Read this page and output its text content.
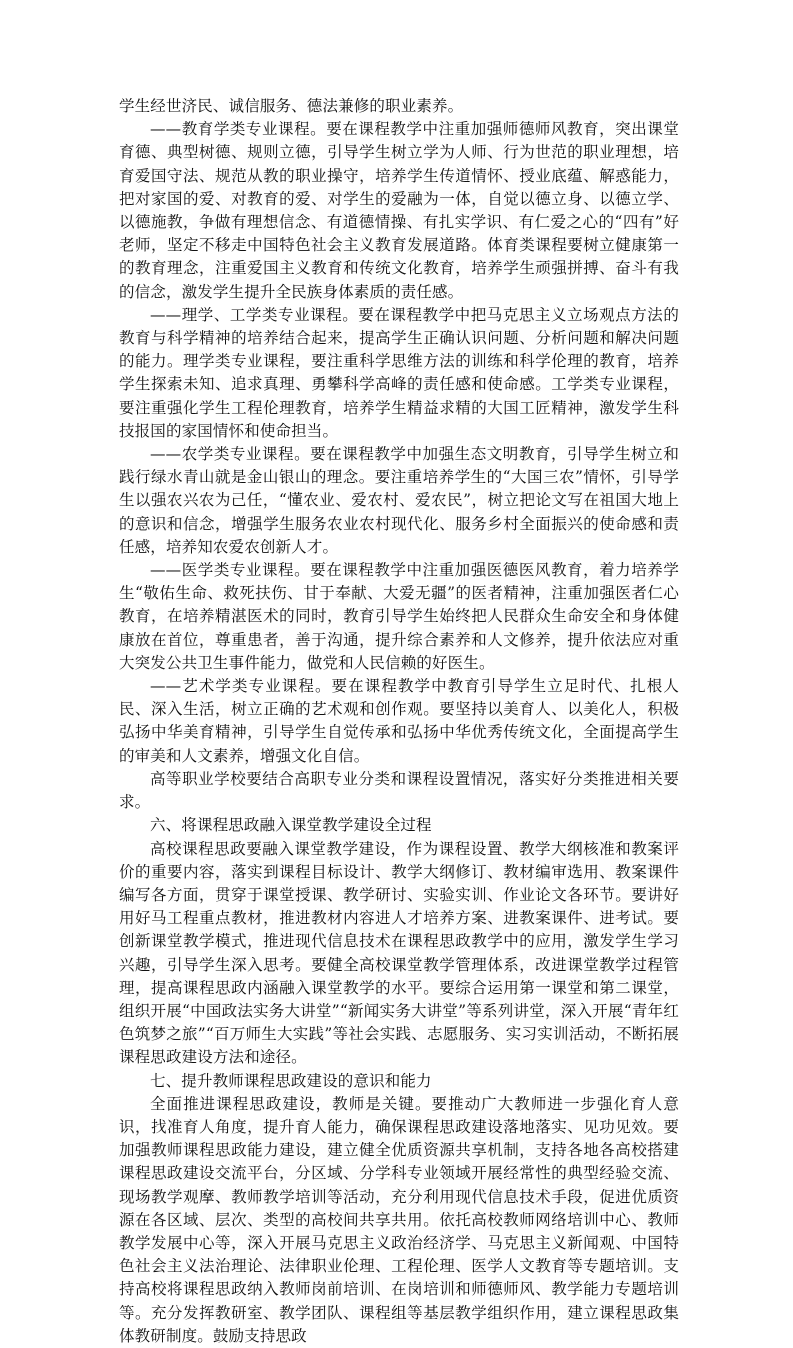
学生经世济民、诚信服务、德法兼修的职业素养。

——教育学类专业课程。要在课程教学中注重加强师德师风教育，突出课堂育德、典型树德、规则立德，引导学生树立学为人师、行为世范的职业理想，培育爱国守法、规范从教的职业操守，培养学生传道情怀、授业底蕴、解惑能力，把对家国的爱、对教育的爱、对学生的爱融为一体，自觉以德立身、以德立学、以德施教，争做有理想信念、有道德情操、有扎实学识、有仁爱之心的“四有”好老师，坚定不移走中国特色社会主义教育发展道路。体育类课程要树立健康第一的教育理念，注重爱国主义教育和传统文化教育，培养学生顽强拼搏、奋斗有我的信念，激发学生提升全民族身体素质的责任感。

——理学、工学类专业课程。要在课程教学中把马克思主义立场观点方法的教育与科学精神的培养结合起来，提高学生正确认识问题、分析问题和解决问题的能力。理学类专业课程，要注重科学思维方法的训练和科学伦理的教育，培养学生探索未知、追求真理、勇攀科学高峰的责任感和使命感。工学类专业课程，要注重强化学生工程伦理教育，培养学生精益求精的大国工匠精神，激发学生科技报国的家国情怀和使命担当。

——农学类专业课程。要在课程教学中加强生态文明教育，引导学生树立和践行绿水青山就是金山银山的理念。要注重培养学生的“大国三农”情怀，引导学生以强农兴农为己任，“懂农业、爱农村、爱农民”，树立把论文写在祖国大地上的意识和信念，增强学生服务农业农村现代化、服务乡村全面振兴的使命感和责任感，培养知农爱农创新人才。

——医学类专业课程。要在课程教学中注重加强医德医风教育，着力培养学生“敬佑生命、救死扶伤、甘于奉献、大爱无疆”的医者精神，注重加强医者仁心教育，在培养精湛医术的同时，教育引导学生始终把人民群众生命安全和身体健康放在首位，尊重患者，善于沟通，提升综合素养和人文修养，提升依法应对重大突发公共卫生事件能力，做党和人民信赖的好医生。

——艺术学类专业课程。要在课程教学中教育引导学生立足时代、扎根人民、深入生活，树立正确的艺术观和创作观。要坚持以美育人、以美化人，积极弘扬中华美育精神，引导学生自觉传承和弘扬中华优秀传统文化，全面提高学生的审美和人文素养，增强文化自信。

高等职业学校要结合高职专业分类和课程设置情况，落实好分类推进相关要求。

六、将课程思政融入课堂教学建设全过程

高校课程思政要融入课堂教学建设，作为课程设置、教学大纲核准和教案评价的重要内容，落实到课程目标设计、教学大纲修订、教材编审选用、教案课件编写各方面，贯穿于课堂授课、教学研讨、实验实训、作业论文各环节。要讲好用好马工程重点教材，推进教材内容进人才培养方案、进教案课件、进考试。要创新课堂教学模式，推进现代信息技术在课程思政教学中的应用，激发学生学习兴趣，引导学生深入思考。要健全高校课堂教学管理体系，改进课堂教学过程管理，提高课程思政内涵融入课堂教学的水平。要综合运用第一课堂和第二课堂，组织开展“中国政法实务大讲堂”“新闻实务大讲堂”等系列讲堂，深入开展“青年红色筑梦之旅”“百万师生大实践”等社会实践、志愿服务、实习实训活动，不断拓展课程思政建设方法和途径。

七、提升教师课程思政建设的意识和能力

全面推进课程思政建设，教师是关键。要推动广大教师进一步强化育人意识，找准育人角度，提升育人能力，确保课程思政建设落地落实、见功见效。要加强教师课程思政能力建设，建立健全优质资源共享机制，支持各地各高校搭建课程思政建设交流平台，分区域、分学科专业领域开展经常性的典型经验交流、现场教学观摩、教师教学培训等活动，充分利用现代信息技术手段，促进优质资源在各区域、层次、类型的高校间共享共用。依托高校教师网络培训中心、教师教学发展中心等，深入开展马克思主义政治经济学、马克思主义新闻观、中国特色社会主义法治理论、法律职业伦理、工程伦理、医学人文教育等专题培训。支持高校将课程思政纳入教师岗前培训、在岗培训和师德师风、教学能力专题培训等。充分发挥教研室、教学团队、课程组等基层教学组织作用，建立课程思政集体教研制度。鼓励支持思政
